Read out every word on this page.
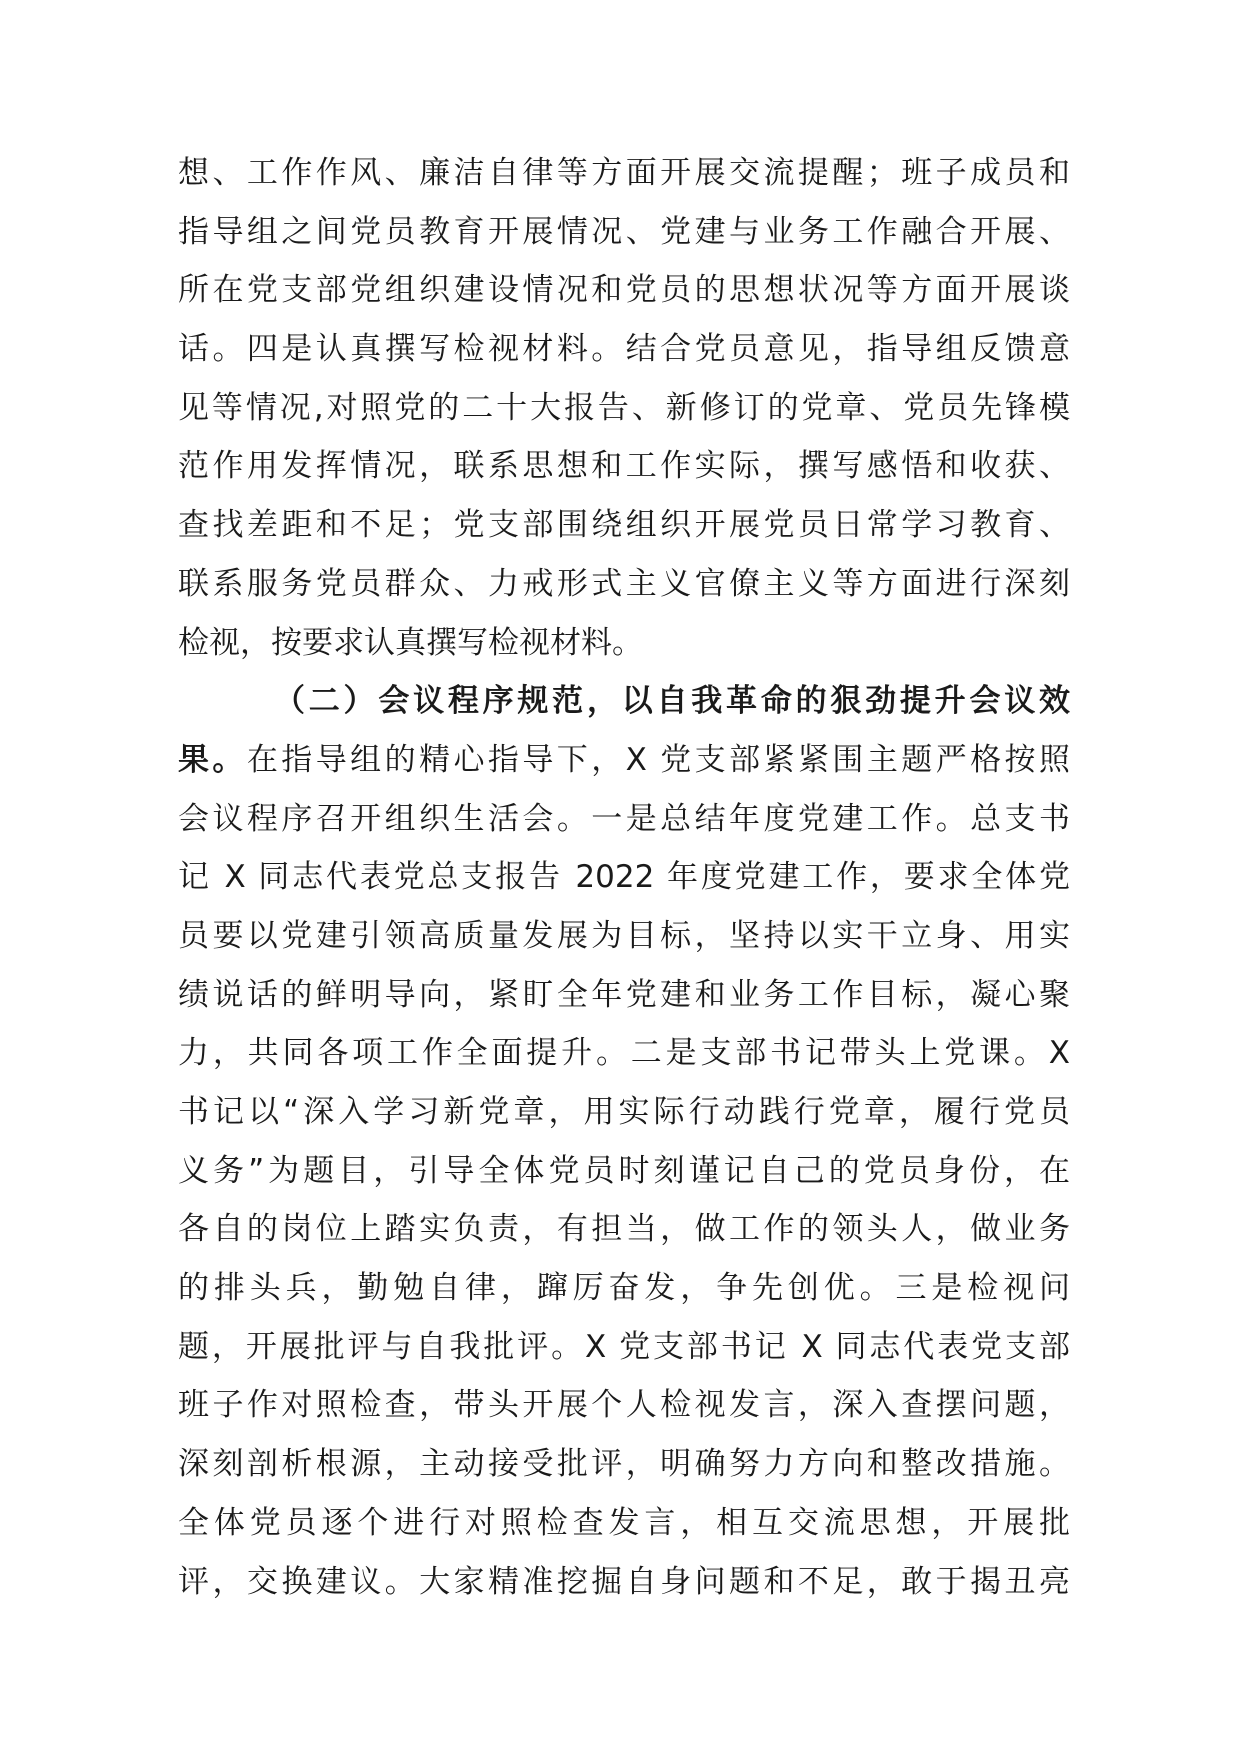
想、工作作风、廉洁自律等方面开展交流提醒；班子成员和
指导组之间党员教育开展情况、党建与业务工作融合开展、
所在党支部党组织建设情况和党员的思想状况等方面开展谈
话。四是认真撰写检视材料。结合党员意见，指导组反馈意
见等情况,对照党的二十大报告、新修订的党章、党员先锋模
范作用发挥情况，联系思想和工作实际，撰写感悟和收获、
查找差距和不足；党支部围绕组织开展党员日常学习教育、
联系服务党员群众、力戒形式主义官僚主义等方面进行深刻
检视，按要求认真撰写检视材料。
（二）会议程序规范，以自我革命的狠劲提升会议效
果。在指导组的精心指导下，X 党支部紧紧围主题严格按照
会议程序召开组织生活会。一是总结年度党建工作。总支书
记 X 同志代表党总支报告 2022 年度党建工作，要求全体党
员要以党建引领高质量发展为目标，坚持以实干立身、用实
绩说话的鲜明导向，紧盯全年党建和业务工作目标，凝心聚
力，共同各项工作全面提升。二是支部书记带头上党课。X
书记以“深入学习新党章，用实际行动践行党章，履行党员
义务”为题目，引导全体党员时刻谨记自己的党员身份，在
各自的岗位上踏实负责，有担当，做工作的领头人，做业务
的排头兵，勤勉自律，蹿厉奋发，争先创优。三是检视问
题，开展批评与自我批评。X 党支部书记 X 同志代表党支部
班子作对照检查，带头开展个人检视发言，深入查摆问题，
深刻剖析根源，主动接受批评，明确努力方向和整改措施。
全体党员逐个进行对照检查发言，相互交流思想，开展批
评，交换建议。大家精准挖掘自身问题和不足，敢于揭丑亮
